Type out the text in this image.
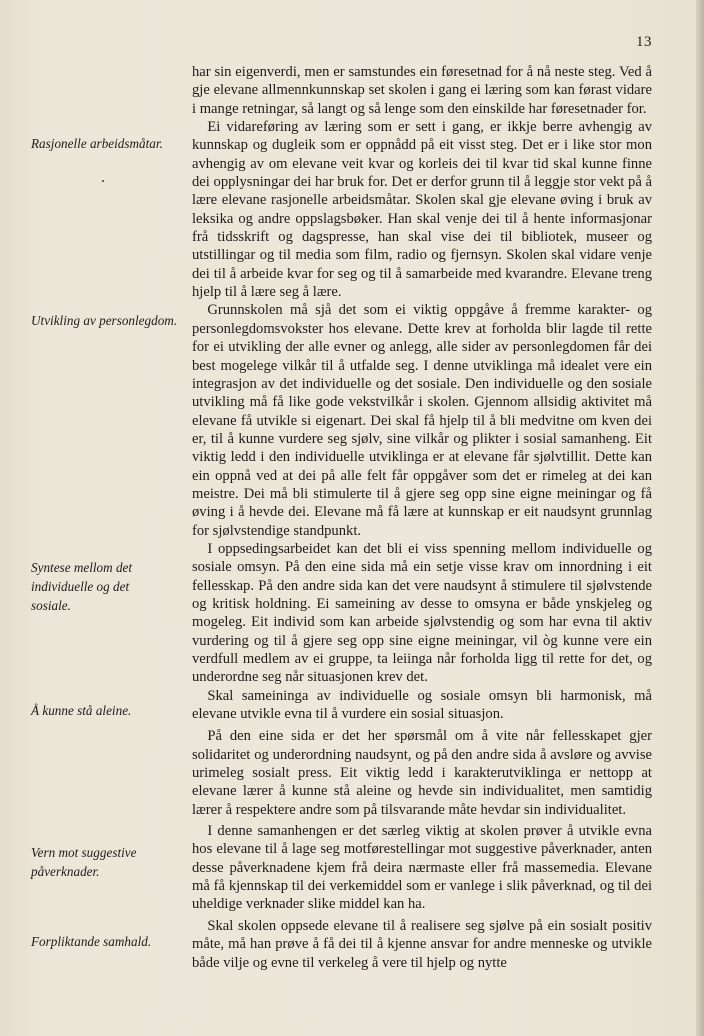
13
Rasjonelle arbeidsmåtar.
Utvikling av personlegdom.
Syntese mellom det individuelle og det sosiale.
Å kunne stå aleine.
Vern mot suggestive påverknader.
Forpliktande samhald.

har sin eigenverdi, men er samstundes ein føresetnad for å nå neste steg. Ved å gje elevane allmennkunnskap set skolen i gang ei læring som kan førast vidare i mange retningar, så langt og så lenge som den einskilde har føresetnader for.

Ei vidareføring av læring som er sett i gang, er ikkje berre avhengig av kunnskap og dugleik som er oppnådd på eit visst steg. Det er i like stor mon avhengig av om elevane veit kvar og korleis dei til kvar tid skal kunne finne dei opplysningar dei har bruk for. Det er derfor grunn til å leggje stor vekt på å lære elevane rasjonelle arbeidsmåtar. Skolen skal gje elevane øving i bruk av leksika og andre oppslagsbøker. Han skal venje dei til å hente informasjonar frå tidsskrift og dagspresse, han skal vise dei til bibliotek, museer og utstillingar og til media som film, radio og fjernsyn. Skolen skal vidare venje dei til å arbeide kvar for seg og til å samarbeide med kvarandre. Elevane treng hjelp til å lære seg å lære.

Grunnskolen må sjå det som ei viktig oppgåve å fremme karakter- og personlegdomsvokster hos elevane. Dette krev at forholda blir lagde til rette for ei utvikling der alle evner og anlegg, alle sider av personlegdomen får dei best mogelege vilkår til å utfalde seg. I denne utviklinga må idealet vere ein integrasjon av det individuelle og det sosiale. Den individuelle og den sosiale utvikling må få like gode vekstvilkår i skolen. Gjennom allsidig aktivitet må elevane få utvikle si eigenart. Dei skal få hjelp til å bli medvitne om kven dei er, til å kunne vurdere seg sjølv, sine vilkår og plikter i sosial samanheng. Eit viktig ledd i den individuelle utviklinga er at elevane får sjølvtillit. Dette kan ein oppnå ved at dei på alle felt får oppgåver som det er rimeleg at dei kan meistre. Dei må bli stimulerte til å gjere seg opp sine eigne meiningar og få øving i å hevde dei. Elevane må få lære at kunnskap er eit naudsynt grunnlag for sjølvstendige standpunkt.

I oppsedingsarbeidet kan det bli ei viss spenning mellom individuelle og sosiale omsyn. På den eine sida må ein setje visse krav om innordning i eit fellesskap. På den andre sida kan det vere naudsynt å stimulere til sjølvstende og kritisk holdning. Ei sameining av desse to omsyna er både ynskjeleg og mogeleg. Eit individ som kan arbeide sjølvstendig og som har evna til aktiv vurdering og til å gjere seg opp sine eigne meiningar, vil òg kunne vere ein verdfull medlem av ei gruppe, ta leiinga når forholda ligg til rette for det, og underordne seg når situasjonen krev det.

Skal sameininga av individuelle og sosiale omsyn bli harmonisk, må elevane utvikle evna til å vurdere ein sosial situasjon.

På den eine sida er det her spørsmål om å vite når fellesskapet gjer solidaritet og underordning naudsynt, og på den andre sida å avsløre og avvise urimeleg sosialt press. Eit viktig ledd i karakterutviklinga er nettopp at elevane lærer å kunne stå aleine og hevde sin individualitet, men samtidig lærer å respektere andre som på tilsvarande måte hevdar sin individualitet.

I denne samanhengen er det særleg viktig at skolen prøver å utvikle evna hos elevane til å lage seg motførestellingar mot suggestive påverknader, anten desse påverknadene kjem frå deira nærmaste eller frå massemedia. Elevane må få kjennskap til dei verkemiddel som er vanlege i slik påverknad, og til dei uheldige verknader slike middel kan ha.

Skal skolen oppsede elevane til å realisere seg sjølve på ein sosialt positiv måte, må han prøve å få dei til å kjenne ansvar for andre menneske og utvikle både vilje og evne til verkeleg å vere til hjelp og nytte
